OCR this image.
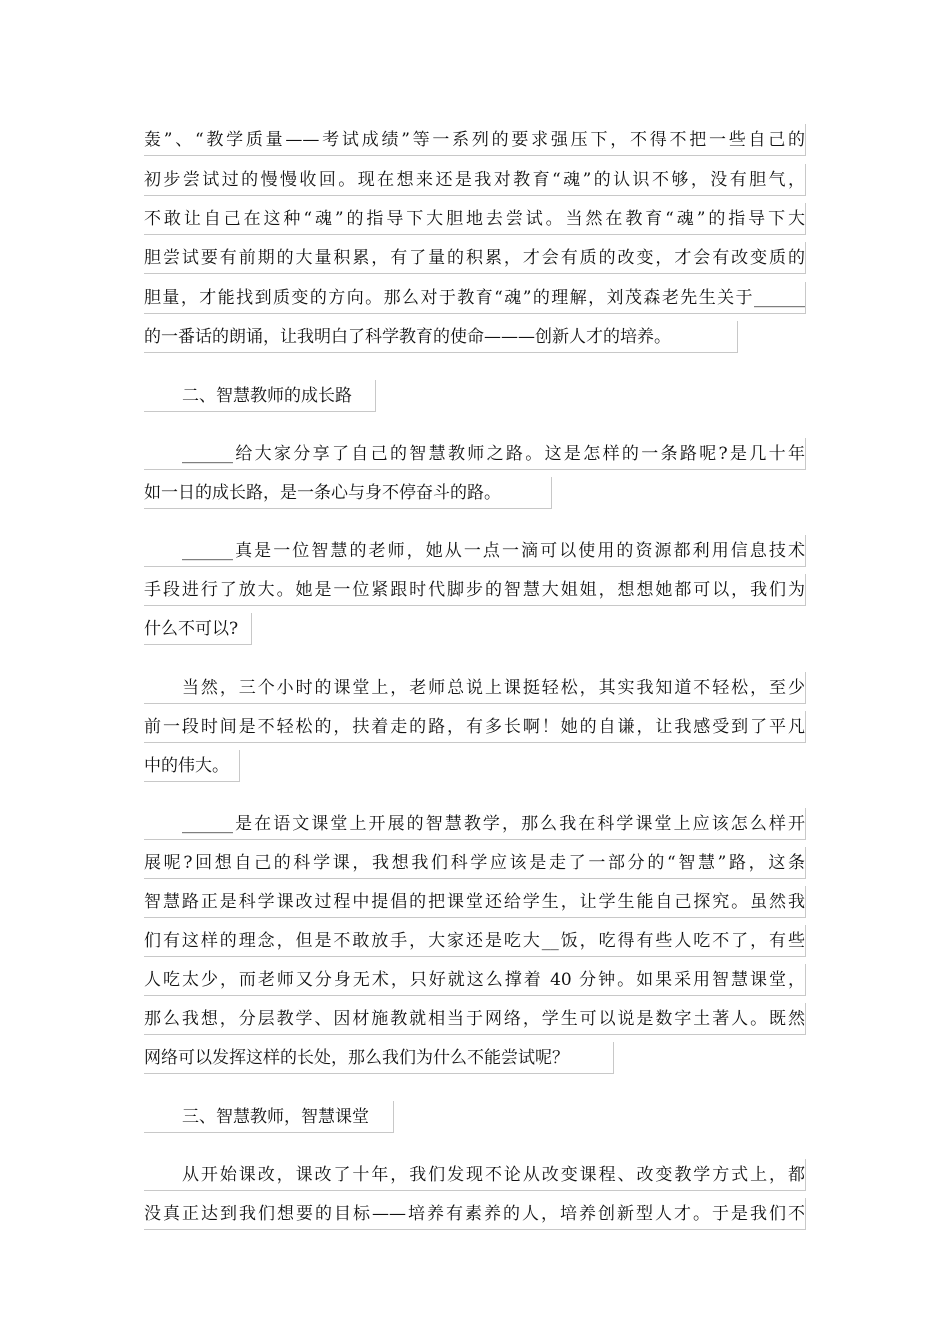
轰”、“教学质量——考试成绩”等一系列的要求强压下，不得不把一些自己的
初步尝试过的慢慢收回。现在想来还是我对教育“魂”的认识不够，没有胆气，
不敢让自己在这种“魂”的指导下大胆地去尝试。当然在教育“魂”的指导下大
胆尝试要有前期的大量积累，有了量的积累，才会有质的改变，才会有改变质的
胆量，才能找到质变的方向。那么对于教育“魂”的理解，刘茂森老先生关于______
的一番话的朗诵，让我明白了科学教育的使命———创新人才的培养。
二、智慧教师的成长路
______给大家分享了自己的智慧教师之路。这是怎样的一条路呢?是几十年
如一日的成长路，是一条心与身不停奋斗的路。
______真是一位智慧的老师，她从一点一滴可以使用的资源都利用信息技术
手段进行了放大。她是一位紧跟时代脚步的智慧大姐姐，想想她都可以，我们为
什么不可以?
当然，三个小时的课堂上，老师总说上课挺轻松，其实我知道不轻松，至少
前一段时间是不轻松的，扶着走的路，有多长啊！她的自谦，让我感受到了平凡
中的伟大。
______是在语文课堂上开展的智慧教学，那么我在科学课堂上应该怎么样开
展呢?回想自己的科学课，我想我们科学应该是走了一部分的“智慧”路，这条
智慧路正是科学课改过程中提倡的把课堂还给学生，让学生能自己探究。虽然我
们有这样的理念，但是不敢放手，大家还是吃大__饭，吃得有些人吃不了，有些
人吃太少，而老师又分身无术，只好就这么撑着 40 分钟。如果采用智慧课堂，
那么我想，分层教学、因材施教就相当于网络，学生可以说是数字土著人。既然
网络可以发挥这样的长处，那么我们为什么不能尝试呢？
三、智慧教师，智慧课堂
从开始课改，课改了十年，我们发现不论从改变课程、改变教学方式上，都
没真正达到我们想要的目标——培养有素养的人，培养创新型人才。于是我们不
